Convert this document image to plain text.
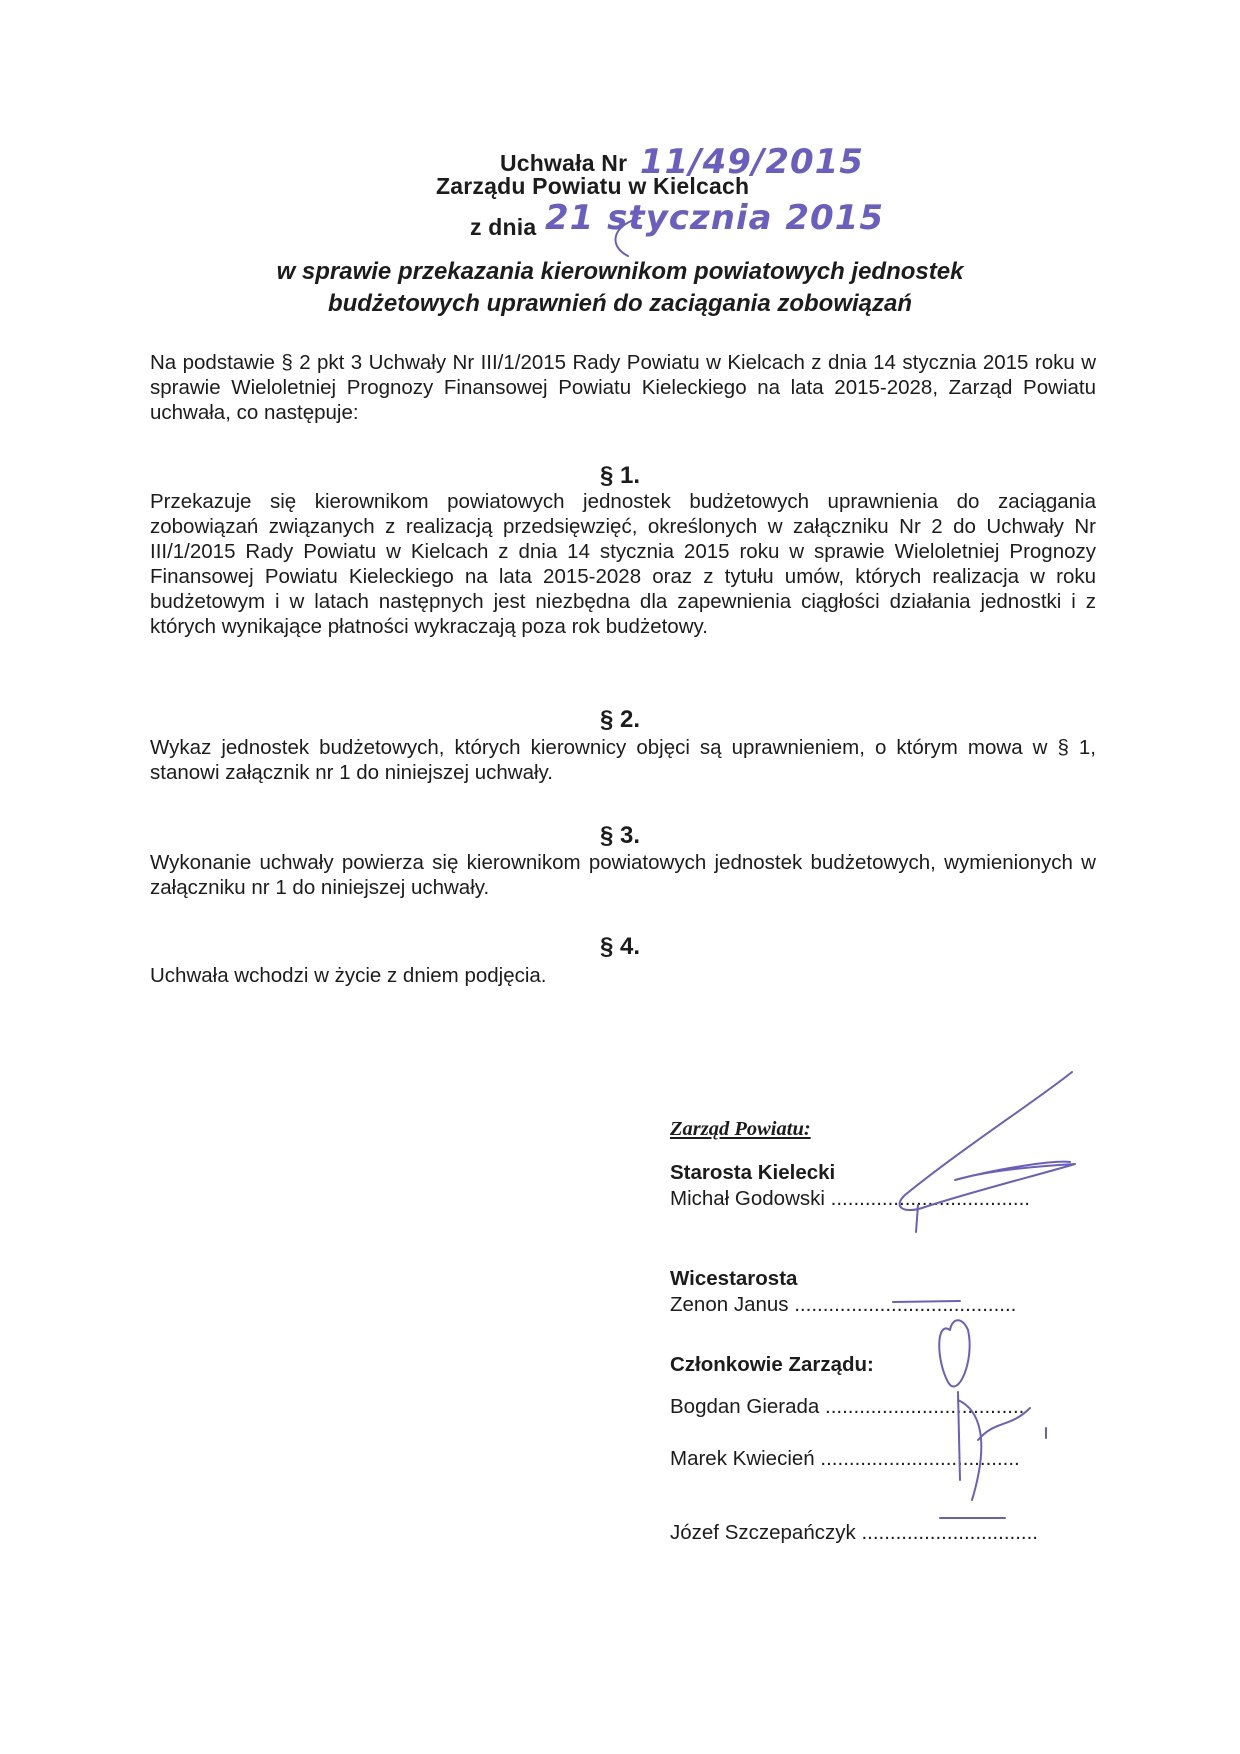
Uchwała Nr 11/49/2015
Zarządu Powiatu w Kielcach
z dnia 21 stycznia 2015
w sprawie przekazania kierownikom powiatowych jednostek
budżetowych uprawnień do zaciągania zobowiązań
Na podstawie § 2 pkt 3 Uchwały Nr III/1/2015 Rady Powiatu w Kielcach z dnia 14 stycznia 2015 roku w sprawie Wieloletniej Prognozy Finansowej Powiatu Kieleckiego na lata 2015-2028, Zarząd Powiatu uchwała, co następuje:
§ 1.
Przekazuje się kierownikom powiatowych jednostek budżetowych uprawnienia do zaciągania zobowiązań związanych z realizacją przedsięwzięć, określonych w załączniku Nr 2 do Uchwały Nr III/1/2015 Rady Powiatu w Kielcach z dnia 14 stycznia 2015 roku w sprawie Wieloletniej Prognozy Finansowej Powiatu Kieleckiego na lata 2015-2028 oraz z tytułu umów, których realizacja w roku budżetowym i w latach następnych jest niezbędna dla zapewnienia ciągłości działania jednostki i z których wynikające płatności wykraczają poza rok budżetowy.
§ 2.
Wykaz jednostek budżetowych, których kierownicy objęci są uprawnieniem, o którym mowa w § 1, stanowi załącznik nr 1 do niniejszej uchwały.
§ 3.
Wykonanie uchwały powierza się kierownikom powiatowych jednostek budżetowych, wymienionych w załączniku nr 1 do niniejszej uchwały.
§ 4.
Uchwała wchodzi w życie z dniem podjęcia.
Zarząd Powiatu:
Starosta Kielecki
Michał Godowski ...................................
Wicestarosta
Zenon Janus .......................................
Członkowie Zarządu:
Bogdan Gierada ...................................
Marek Kwiecień ...................................
Józef Szczepańczyk ...............................
